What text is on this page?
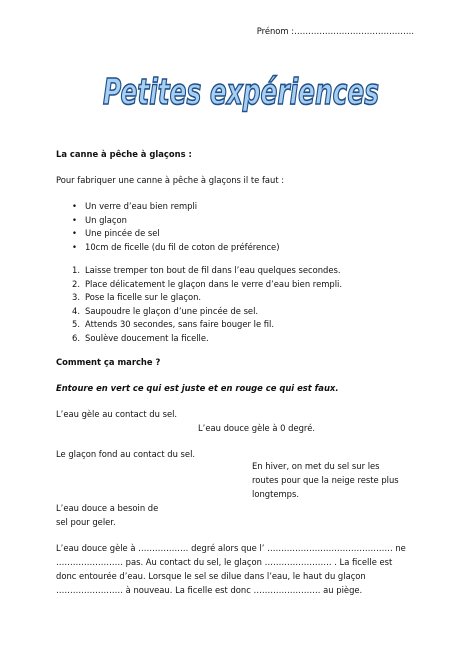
Prénom :…………………………………….
Petites expériences
La canne à pêche à glaçons :
Pour fabriquer une canne à pêche à glaçons il te faut :
• Un verre d’eau bien rempli
• Un glaçon
• Une pincée de sel
• 10cm de ficelle (du fil de coton de préférence)
1. Laisse tremper ton bout de fil dans l’eau quelques secondes.
2. Place délicatement le glaçon dans le verre d’eau bien rempli.
3. Pose la ficelle sur le glaçon.
4. Saupoudre le glaçon d’une pincée de sel.
5. Attends 30 secondes, sans faire bouger le fil.
6. Soulève doucement la ficelle.
Comment ça marche ?
Entoure en vert ce qui est juste et en rouge ce qui est faux.
L’eau gèle au contact du sel.
L’eau douce gèle à 0 degré.
Le glaçon fond au contact du sel.
En hiver, on met du sel sur les
routes pour que la neige reste plus
longtemps.
L’eau douce a besoin de
sel pour geler.
L’eau douce gèle à ……………… degré alors que l’ ……………………………………… ne
…………………… pas. Au contact du sel, le glaçon …………………… . La ficelle est
donc entourée d’eau. Lorsque le sel se dilue dans l’eau, le haut du glaçon
…………………… à nouveau. La ficelle est donc …………………… au piège.
